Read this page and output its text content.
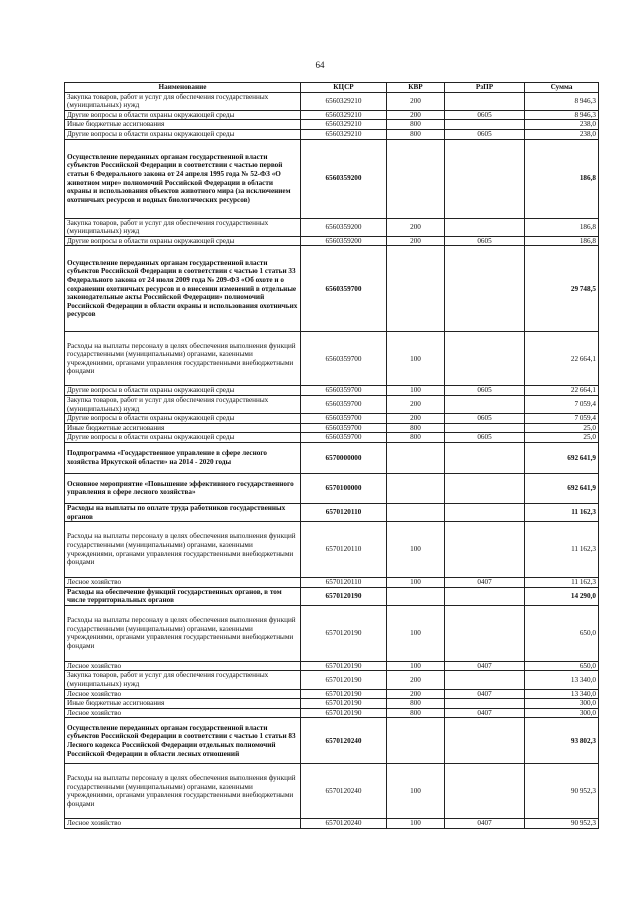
64
Наименование	КЦСР	КВР	РзПР	Сумма
Закупка товаров, работ и услуг для обеспечения государственных (муниципальных) нужд	6560329210	200		8 946,3
Другие вопросы в области охраны окружающей среды	6560329210	200	0605	8 946,3
Иные бюджетные ассигнования	6560329210	800		238,0
Другие вопросы в области охраны окружающей среды	6560329210	800	0605	238,0
Осуществление переданных органам государственной власти субъектов Российской Федерации в соответствии с частью первой статьи 6 Федерального закона от 24 апреля 1995 года № 52-ФЗ «О животном мире» полномочий Российской Федерации в области охраны и использования объектов животного мира (за исключением охотничьих ресурсов и водных биологических ресурсов)	6560359200			186,8
Закупка товаров, работ и услуг для обеспечения государственных (муниципальных) нужд	6560359200	200		186,8
Другие вопросы в области охраны окружающей среды	6560359200	200	0605	186,8
Осуществление переданных органам государственной власти субъектов Российской Федерации в соответствии с частью 1 статьи 33 Федерального закона от 24 июля 2009 года № 209-ФЗ «Об охоте и о сохранении охотничьих ресурсов и о внесении изменений в отдельные законодательные акты Российской Федерации» полномочий Российской Федерации в области охраны и использования охотничьих ресурсов	6560359700			29 748,5
Расходы на выплаты персоналу в целях обеспечения выполнения функций государственными (муниципальными) органами, казенными учреждениями, органами управления государственными внебюджетными фондами	6560359700	100		22 664,1
Другие вопросы в области охраны окружающей среды	6560359700	100	0605	22 664,1
Закупка товаров, работ и услуг для обеспечения государственных (муниципальных) нужд	6560359700	200		7 059,4
Другие вопросы в области охраны окружающей среды	6560359700	200	0605	7 059,4
Иные бюджетные ассигнования	6560359700	800		25,0
Другие вопросы в области охраны окружающей среды	6560359700	800	0605	25,0
Подпрограмма «Государственное управление в сфере лесного хозяйства Иркутской области» на 2014 - 2020 годы	6570000000			692 641,9
Основное мероприятие «Повышение эффективного государственного управления в сфере лесного хозяйства»	6570100000			692 641,9
Расходы на выплаты по оплате труда работников государственных органов	6570120110			11 162,3
Расходы на выплаты персоналу в целях обеспечения выполнения функций государственными (муниципальными) органами, казенными учреждениями, органами управления государственными внебюджетными фондами	6570120110	100		11 162,3
Лесное хозяйство	6570120110	100	0407	11 162,3
Расходы на обеспечение функций государственных органов, в том числе территориальных органов	6570120190			14 290,0
Расходы на выплаты персоналу в целях обеспечения выполнения функций государственными (муниципальными) органами, казенными учреждениями, органами управления государственными внебюджетными фондами	6570120190	100		650,0
Лесное хозяйство	6570120190	100	0407	650,0
Закупка товаров, работ и услуг для обеспечения государственных (муниципальных) нужд	6570120190	200		13 340,0
Лесное хозяйство	6570120190	200	0407	13 340,0
Иные бюджетные ассигнования	6570120190	800		300,0
Лесное хозяйство	6570120190	800	0407	300,0
Осуществление переданных органам государственной власти субъектов Российской Федерации в соответствии с частью 1 статьи 83 Лесного кодекса Российской Федерации отдельных полномочий Российской Федерации в области лесных отношений	6570120240			93 802,3
Расходы на выплаты персоналу в целях обеспечения выполнения функций государственными (муниципальными) органами, казенными учреждениями, органами управления государственными внебюджетными фондами	6570120240	100		90 952,3
Лесное хозяйство	6570120240	100	0407	90 952,3
